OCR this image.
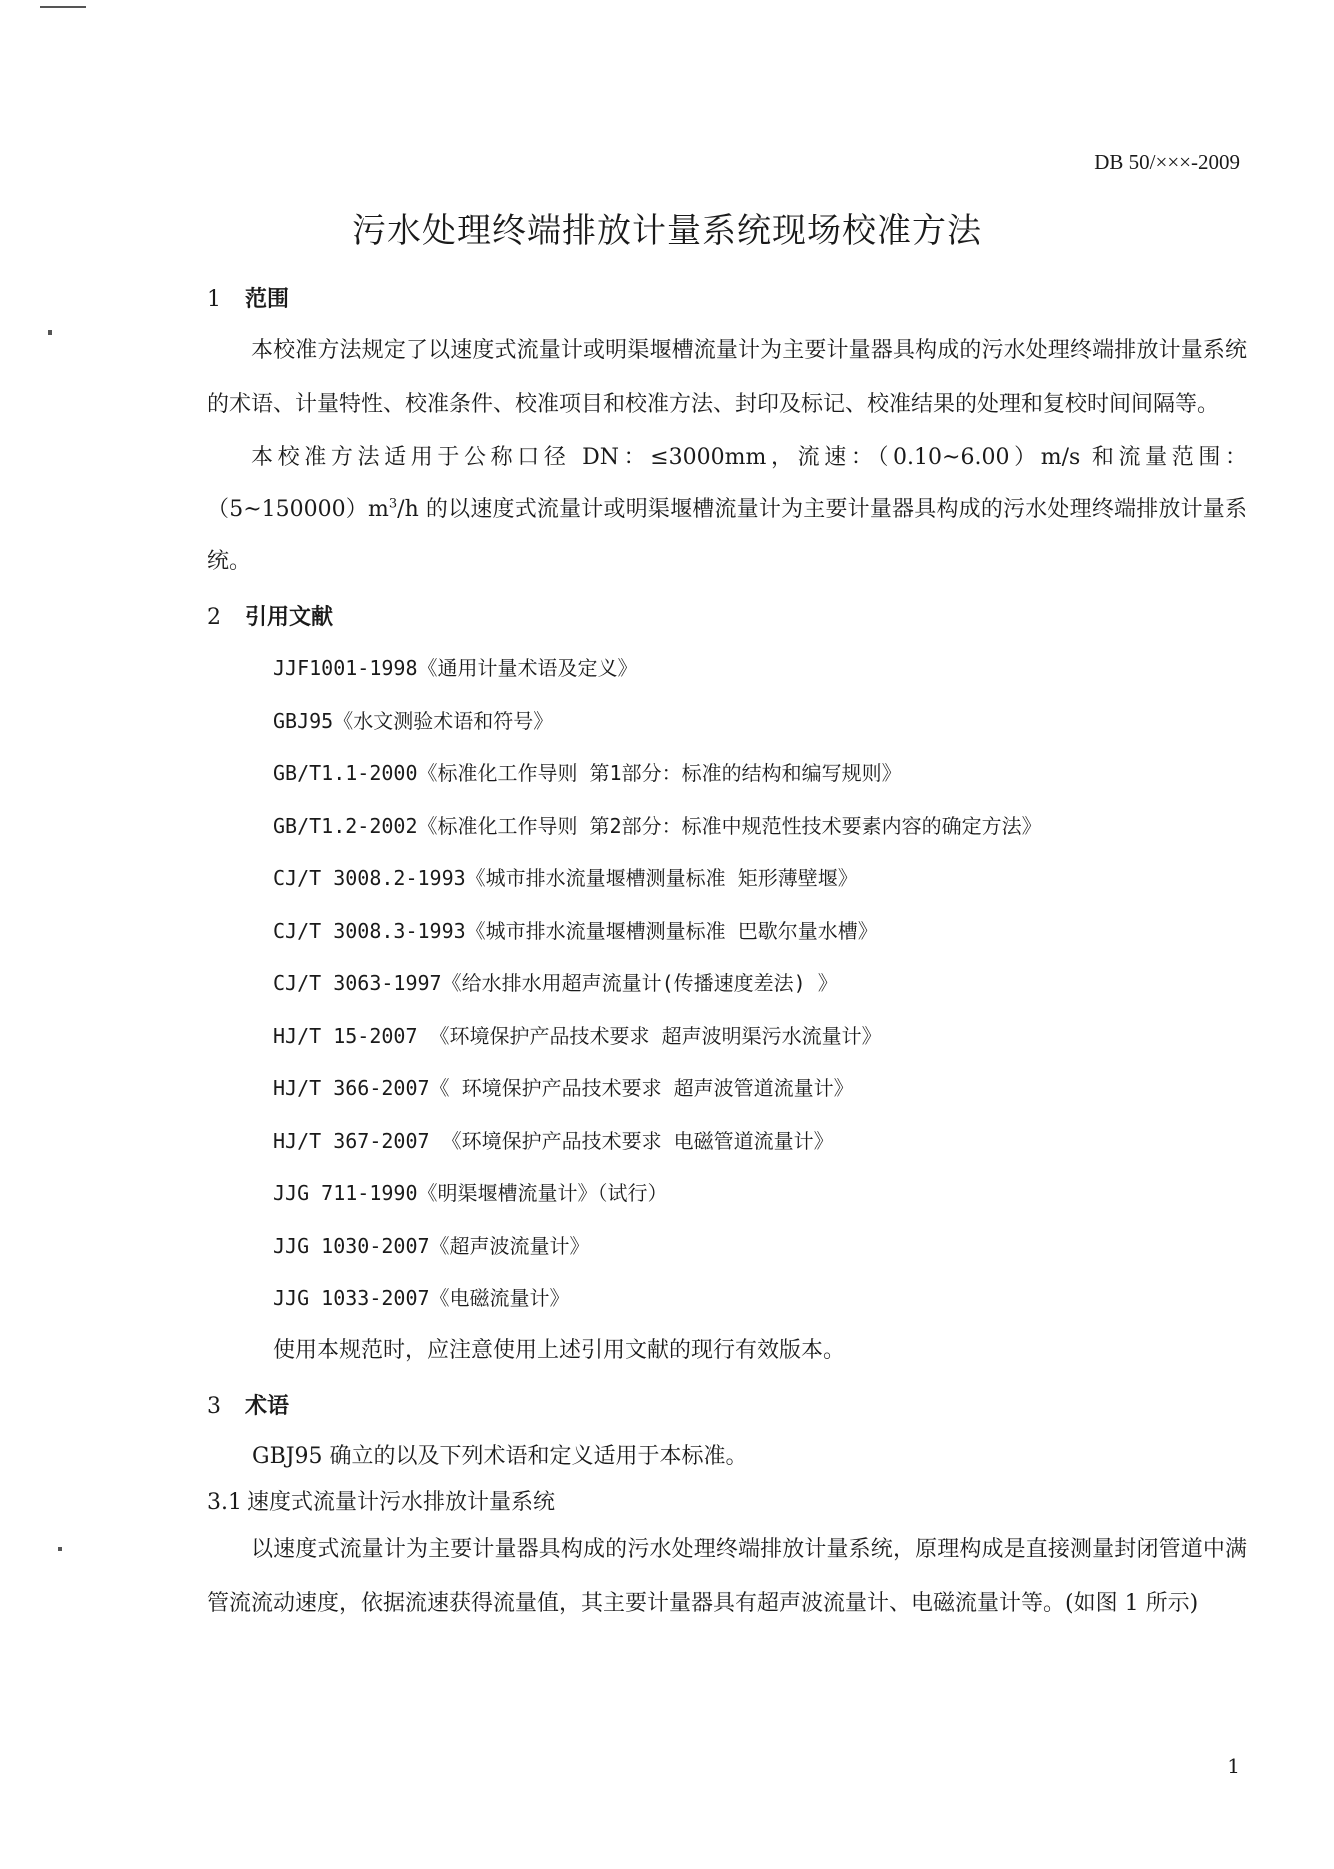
DB 50/×××-2009
污水处理终端排放计量系统现场校准方法
1 范围

本校准方法规定了以速度式流量计或明渠堰槽流量计为主要计量器具构成的污水处理终端排放计量系统的术语、计量特性、校准条件、校准项目和校准方法、封印及标记、校准结果的处理和复校时间间隔等。

本校准方法适用于公称口径 DN：≤3000mm，流速：（0.10~6.00）m/s 和流量范围：$(5\sim 150000)m^3/h$ 的以速度式流量计或明渠堰槽流量计为主要计量器具构成的污水处理终端排放计量系统。

2 引用文献
JJF1001-1998《通用计量术语及定义》
GBJ95《水文测验术语和符号》
GB/T1.1-2000《标准化工作导则 第1部分：标准的结构和编写规则》
GB/T1.2-2002《标准化工作导则 第2部分：标准中规范性技术要素内容的确定方法》
CJ/T 3008.2-1993《城市排水流量堰槽测量标准 矩形薄壁堰》
CJ/T 3008.3-1993《城市排水流量堰槽测量标准 巴歇尔量水槽》
CJ/T 3063-1997《给水排水用超声流量计(传播速度差法) 》
HJ/T 15-2007 《环境保护产品技术要求 超声波明渠污水流量计》
HJ/T 366-2007《 环境保护产品技术要求 超声波管道流量计》
HJ/T 367-2007 《环境保护产品技术要求 电磁管道流量计》
JJG 711-1990《明渠堰槽流量计》（试行）
JJG 1030-2007《超声波流量计》
JJG 1033-2007《电磁流量计》
使用本规范时，应注意使用上述引用文献的现行有效版本。
3 术语
GBJ95 确立的以及下列术语和定义适用于本标准。
3.1 速度式流量计污水排放计量系统

以速度式流量计为主要计量器具构成的污水处理终端排放计量系统，原理构成是直接测量封闭管道中满管流流动速度，依据流速获得流量值，其主要计量器具有超声波流量计、电磁流量计等。(如图 1 所示)

1
